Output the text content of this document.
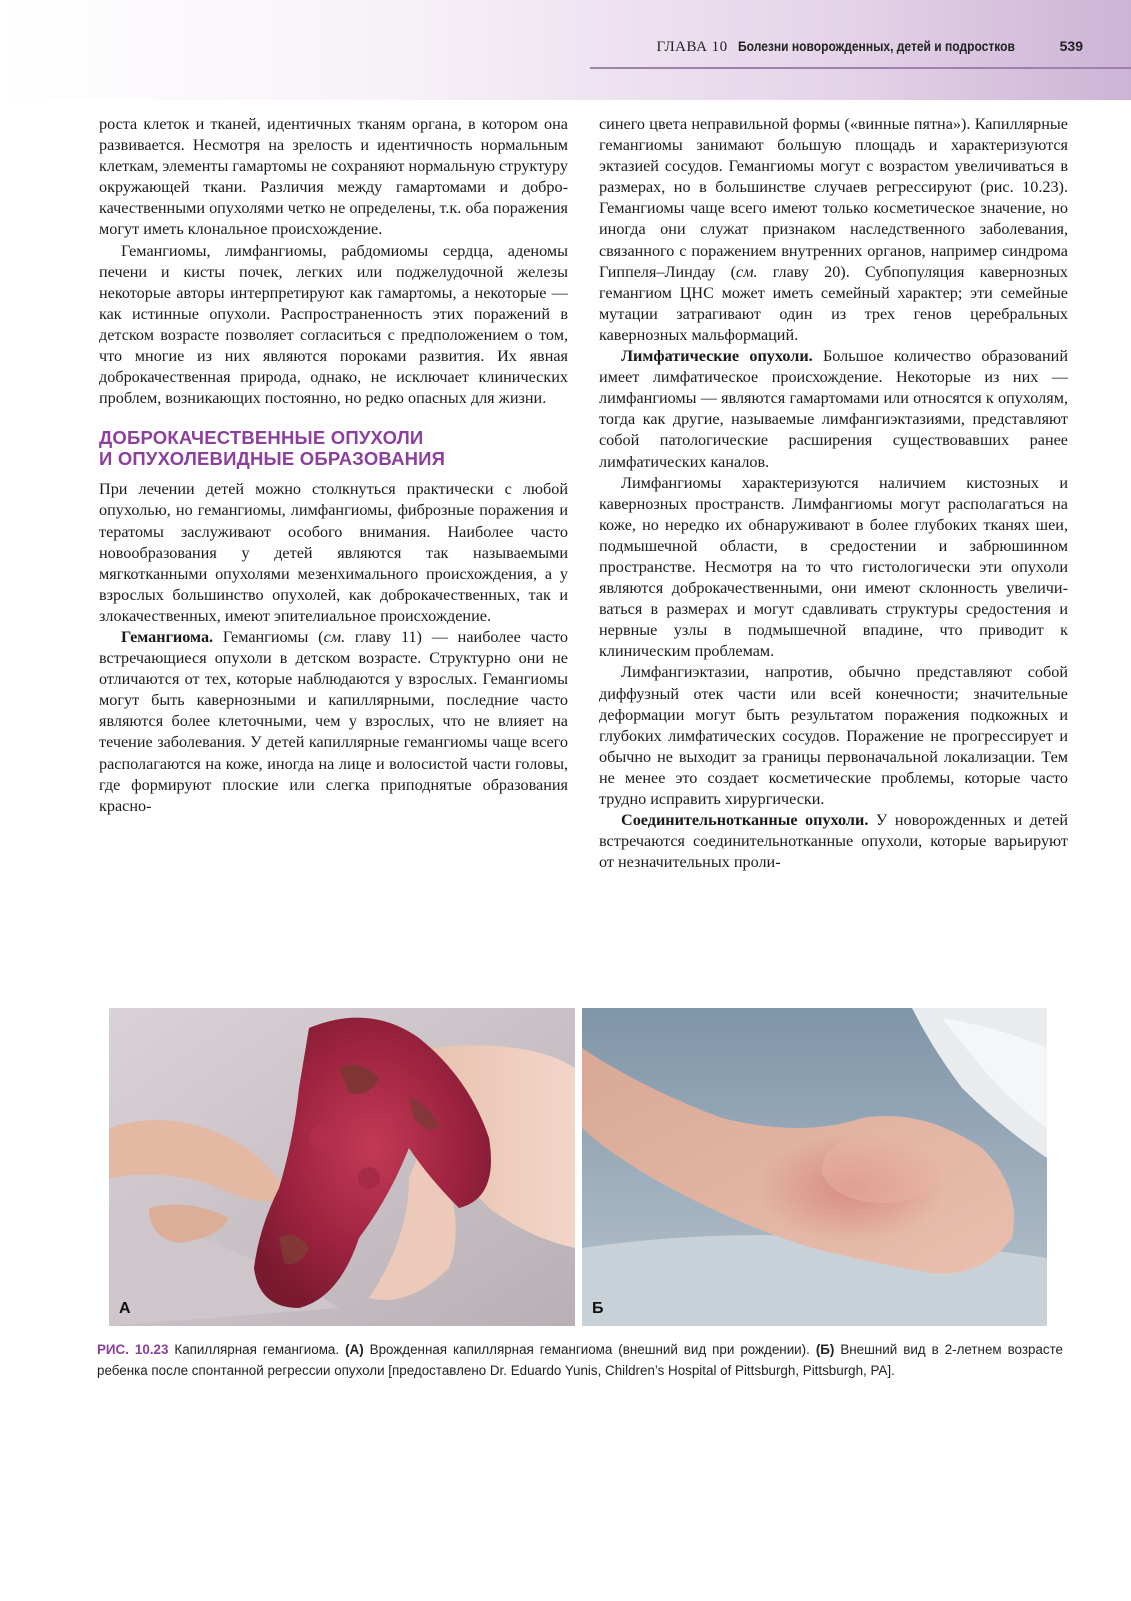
ГЛАВА 10 Болезни новорожденных, детей и подростков	539

роста клеток и тканей, идентичных тканям органа, в котором она развивается. Несмотря на зрелость и идентичность нормальным клеткам, элементы гамартомы не сохраняют нормальную структуру окружающей ткани. Различия между гамартомами и доброкачественными опухолями четко не определены, т.к. оба поражения могут иметь клональное происхождение.

Гемангиомы, лимфангиомы, рабдомиомы сердца, аденомы печени и кисты почек, легких или поджелудочной железы некоторые авторы интерпретируют как гамартомы, а некоторые — как истинные опухоли. Распространенность этих поражений в детском возрасте позволяет согласиться с предположением о том, что многие из них являются пороками развития. Их явная доброкачественная природа, однако, не исключает клинических проблем, возникающих постоянно, но редко опасных для жизни.

ДОБРОКАЧЕСТВЕННЫЕ ОПУХОЛИ
И ОПУХОЛЕВИДНЫЕ ОБРАЗОВАНИЯ

При лечении детей можно столкнуться практически с любой опухолью, но гемангиомы, лимфангиомы, фиброзные поражения и тератомы заслуживают особого внимания. Наиболее часто новообразования у детей являются так называемыми мягкотканными опухолями мезенхимального происхождения, а у взрослых большинство опухолей, как доброкачественных, так и злокачественных, имеют эпителиальное происхождение.

Гемангиома. Гемангиомы (см. главу 11) — наиболее часто встречающиеся опухоли в детском возрасте. Структурно они не отличаются от тех, которые наблюдаются у взрослых. Гемангиомы могут быть кавернозными и капиллярными, последние часто являются более клеточными, чем у взрослых, что не влияет на течение заболевания. У детей капиллярные гемангиомы чаще всего располагаются на коже, иногда на лице и волосистой части головы, где формируют плоские или слегка приподнятые образования красно-

синего цвета неправильной формы («винные пятна»). Капиллярные гемангиомы занимают большую площадь и характеризуются эктазией сосудов. Гемангиомы могут с возрастом увеличиваться в размерах, но в большинстве случаев регрессируют (рис. 10.23). Гемангиомы чаще всего имеют только косметическое значение, но иногда они служат признаком наследственного заболевания, связанного с поражением внутренних органов, например синдрома Гиппеля–Линдау (см. главу 20). Субпопуляция кавернозных гемангиом ЦНС может иметь семейный характер; эти семейные мутации затрагивают один из трех генов церебральных кавернозных мальформаций.

Лимфатические опухоли. Большое количество образований имеет лимфатическое происхождение. Некоторые из них — лимфангиомы — являются гамартомами или относятся к опухолям, тогда как другие, называемые лимфангиэктазиями, представляют собой патологические расширения существовавших ранее лимфатических каналов.

Лимфангиомы характеризуются наличием кистозных и кавернозных пространств. Лимфангиомы могут располагаться на коже, но нередко их обнаруживают в более глубоких тканях шеи, подмышечной области, в средостении и забрюшинном пространстве. Несмотря на то что гистологически эти опухоли являются доброкачественными, они имеют склонность увеличиваться в размерах и могут сдавливать структуры средостения и нервные узлы в подмышечной впадине, что приводит к клиническим проблемам.

Лимфангиэктазии, напротив, обычно представляют собой диффузный отек части или всей конечности; значительные деформации могут быть результатом поражения подкожных и глубоких лимфатических сосудов. Поражение не прогрессирует и обычно не выходит за границы первоначальной локализации. Тем не менее это создает косметические проблемы, которые часто трудно исправить хирургически.

Соединительнотканные опухоли. У новорожденных и детей встречаются соединительнотканные опухоли, которые варьируют от незначительных проли-

А	Б
РИС. 10.23 Капиллярная гемангиома. (А) Врожденная капиллярная гемангиома (внешний вид при рождении). (Б) Внешний вид в 2-летнем возрасте ребенка после спонтанной регрессии опухоли [предоставлено Dr. Eduardo Yunis, Children’s Hospital of Pittsburgh, Pittsburgh, PA].
